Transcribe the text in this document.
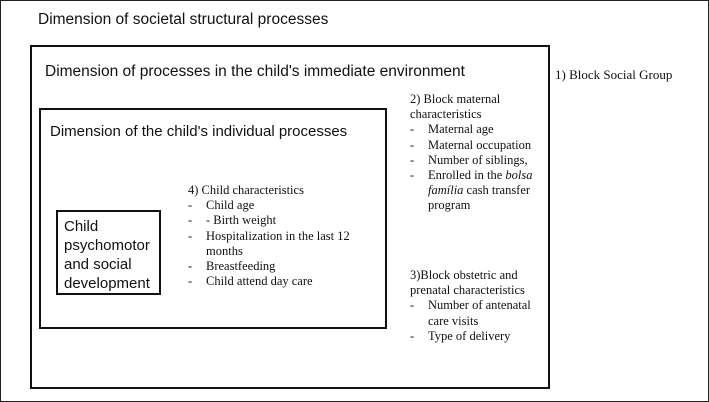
Dimension of societal structural processes
1) Block Social Group
Dimension of processes in the child's immediate environment
Dimension of the child's individual processes
Child psychomotor and social development
4) Child characteristics
- Child age
- - Birth weight
- Hospitalization in the last 12 months
- Breastfeeding
- Child attend day care
2) Block maternal characteristics
- Maternal age
- Maternal occupation
- Number of siblings,
- Enrolled in the bolsa família cash transfer program
3)Block obstetric and prenatal characteristics
- Number of antenatal care visits
- Type of delivery
